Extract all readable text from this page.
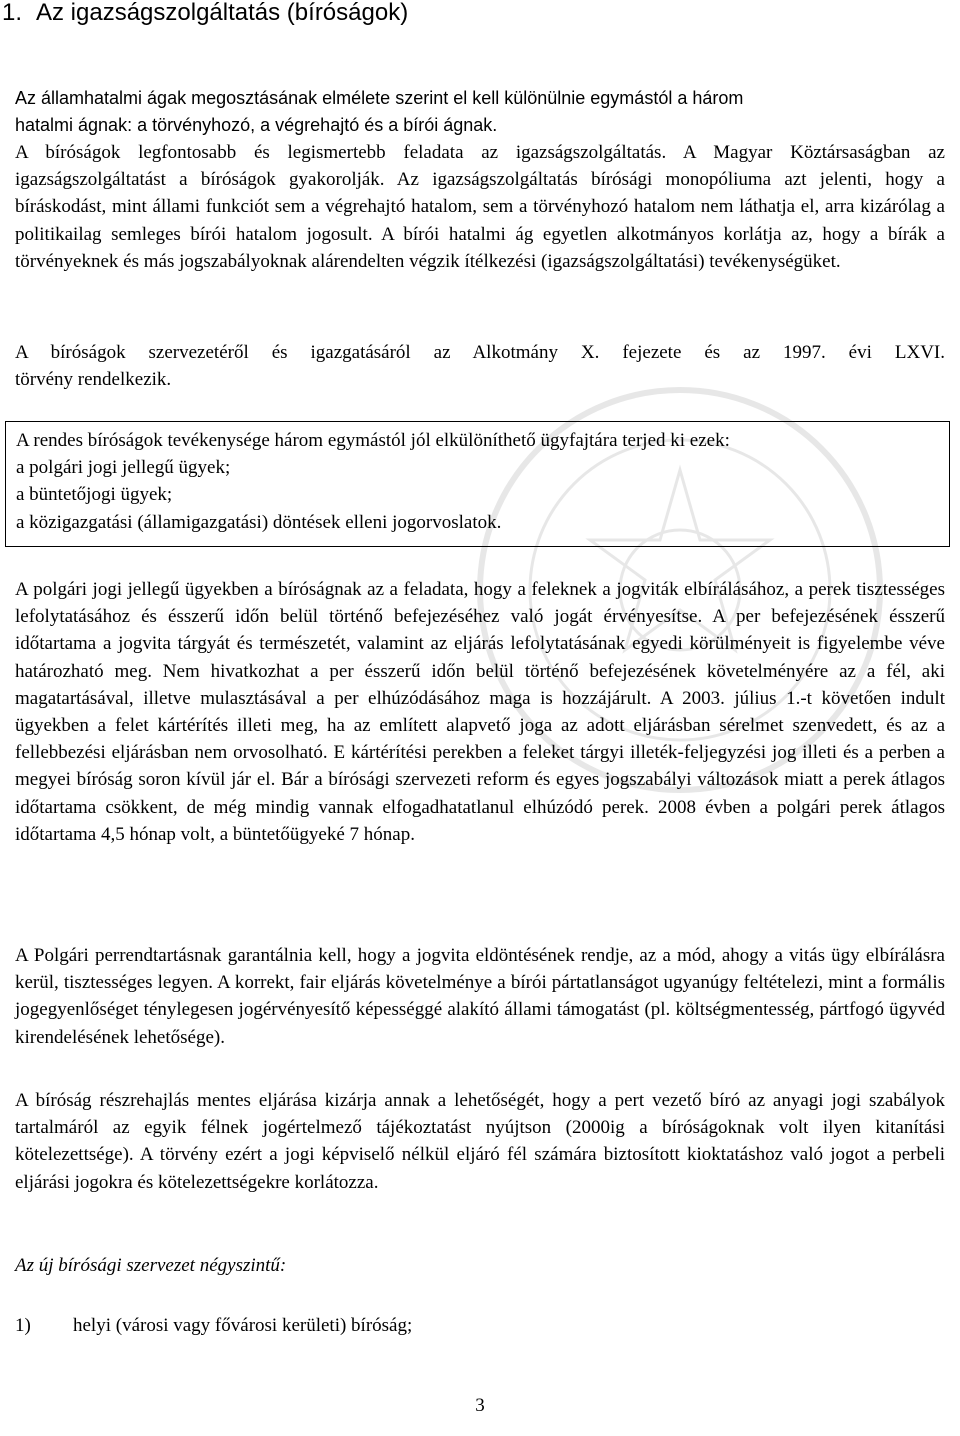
1. Az igazságszolgáltatás (bíróságok)
Az államhatalmi ágak megosztásának elmélete szerint el kell különülnie egymástól a három
hatalmi ágnak: a törvényhozó, a végrehajtó és a bírói ágnak.

A bíróságok legfontosabb és legismertebb feladata az igazságszolgáltatás. A Magyar Köztársaságban az igazságszolgáltatást a bíróságok gyakorolják. Az igazságszolgáltatás bírósági monopóliuma azt jelenti, hogy a bíráskodást, mint állami funkciót sem a végrehajtó hatalom, sem a törvényhozó hatalom nem láthatja el, arra kizárólag a politikailag semleges bírói hatalom jogosult. A bírói hatalmi ág egyetlen alkotmányos korlátja az, hogy a bírák a törvényeknek és más jogszabályoknak alárendelten végzik ítélkezési (igazságszolgáltatási) tevékenységüket.

A bíróságok szervezetéről és igazgatásáról az Alkotmány X. fejezete és az 1997. évi LXVI.
törvény rendelkezik.
A rendes bíróságok tevékenysége három egymástól jól elkülöníthető ügyfajtára terjed ki ezek:
a polgári jogi jellegű ügyek;
a büntetőjogi ügyek;
a közigazgatási (államigazgatási) döntések elleni jogorvoslatok.

A polgári jogi jellegű ügyekben a bíróságnak az a feladata, hogy a feleknek a jogviták elbírálásához, a perek tisztességes lefolytatásához és ésszerű időn belül történő befejezéséhez való jogát érvényesítse. A per befejezésének ésszerű időtartama a jogvita tárgyát és természetét, valamint az eljárás lefolytatásának egyedi körülményeit is figyelembe véve határozható meg. Nem hivatkozhat a per ésszerű időn belül történő befejezésének követelményére az a fél, aki magatartásával, illetve mulasztásával a per elhúzódásához maga is hozzájárult. A 2003. július 1.-t követően indult ügyekben a felet kártérítés illeti meg, ha az említett alapvető joga az adott eljárásban sérelmet szenvedett, és az a fellebbezési eljárásban nem orvosolható. E kártérítési perekben a feleket tárgyi illeték-feljegyzési jog illeti és a perben a megyei bíróság soron kívül jár el. Bár a bírósági szervezeti reform és egyes jogszabályi változások miatt a perek átlagos időtartama csökkent, de még mindig vannak elfogadhatatlanul elhúzódó perek. 2008 évben a polgári perek átlagos időtartama 4,5 hónap volt, a büntetőügyeké 7 hónap.

A Polgári perrendtartásnak garantálnia kell, hogy a jogvita eldöntésének rendje, az a mód, ahogy a vitás ügy elbírálásra kerül, tisztességes legyen. A korrekt, fair eljárás követelménye a bírói pártatlanságot ugyanúgy feltételezi, mint a formális jogegyenlőséget ténylegesen jogérvényesítő képességgé alakító állami támogatást (pl. költségmentesség, pártfogó ügyvéd kirendelésének lehetősége).

A bíróság részrehajlás mentes eljárása kizárja annak a lehetőségét, hogy a pert vezető bíró az anyagi jogi szabályok tartalmáról az egyik félnek jogértelmező tájékoztatást nyújtson (2000ig a bíróságoknak volt ilyen kitanítási kötelezettsége). A törvény ezért a jogi képviselő nélkül eljáró fél számára biztosított kioktatáshoz való jogot a perbeli eljárási jogokra és kötelezettségekre korlátozza.

Az új bírósági szervezet négyszintű:

1) helyi (városi vagy fővárosi kerületi) bíróság;
3
